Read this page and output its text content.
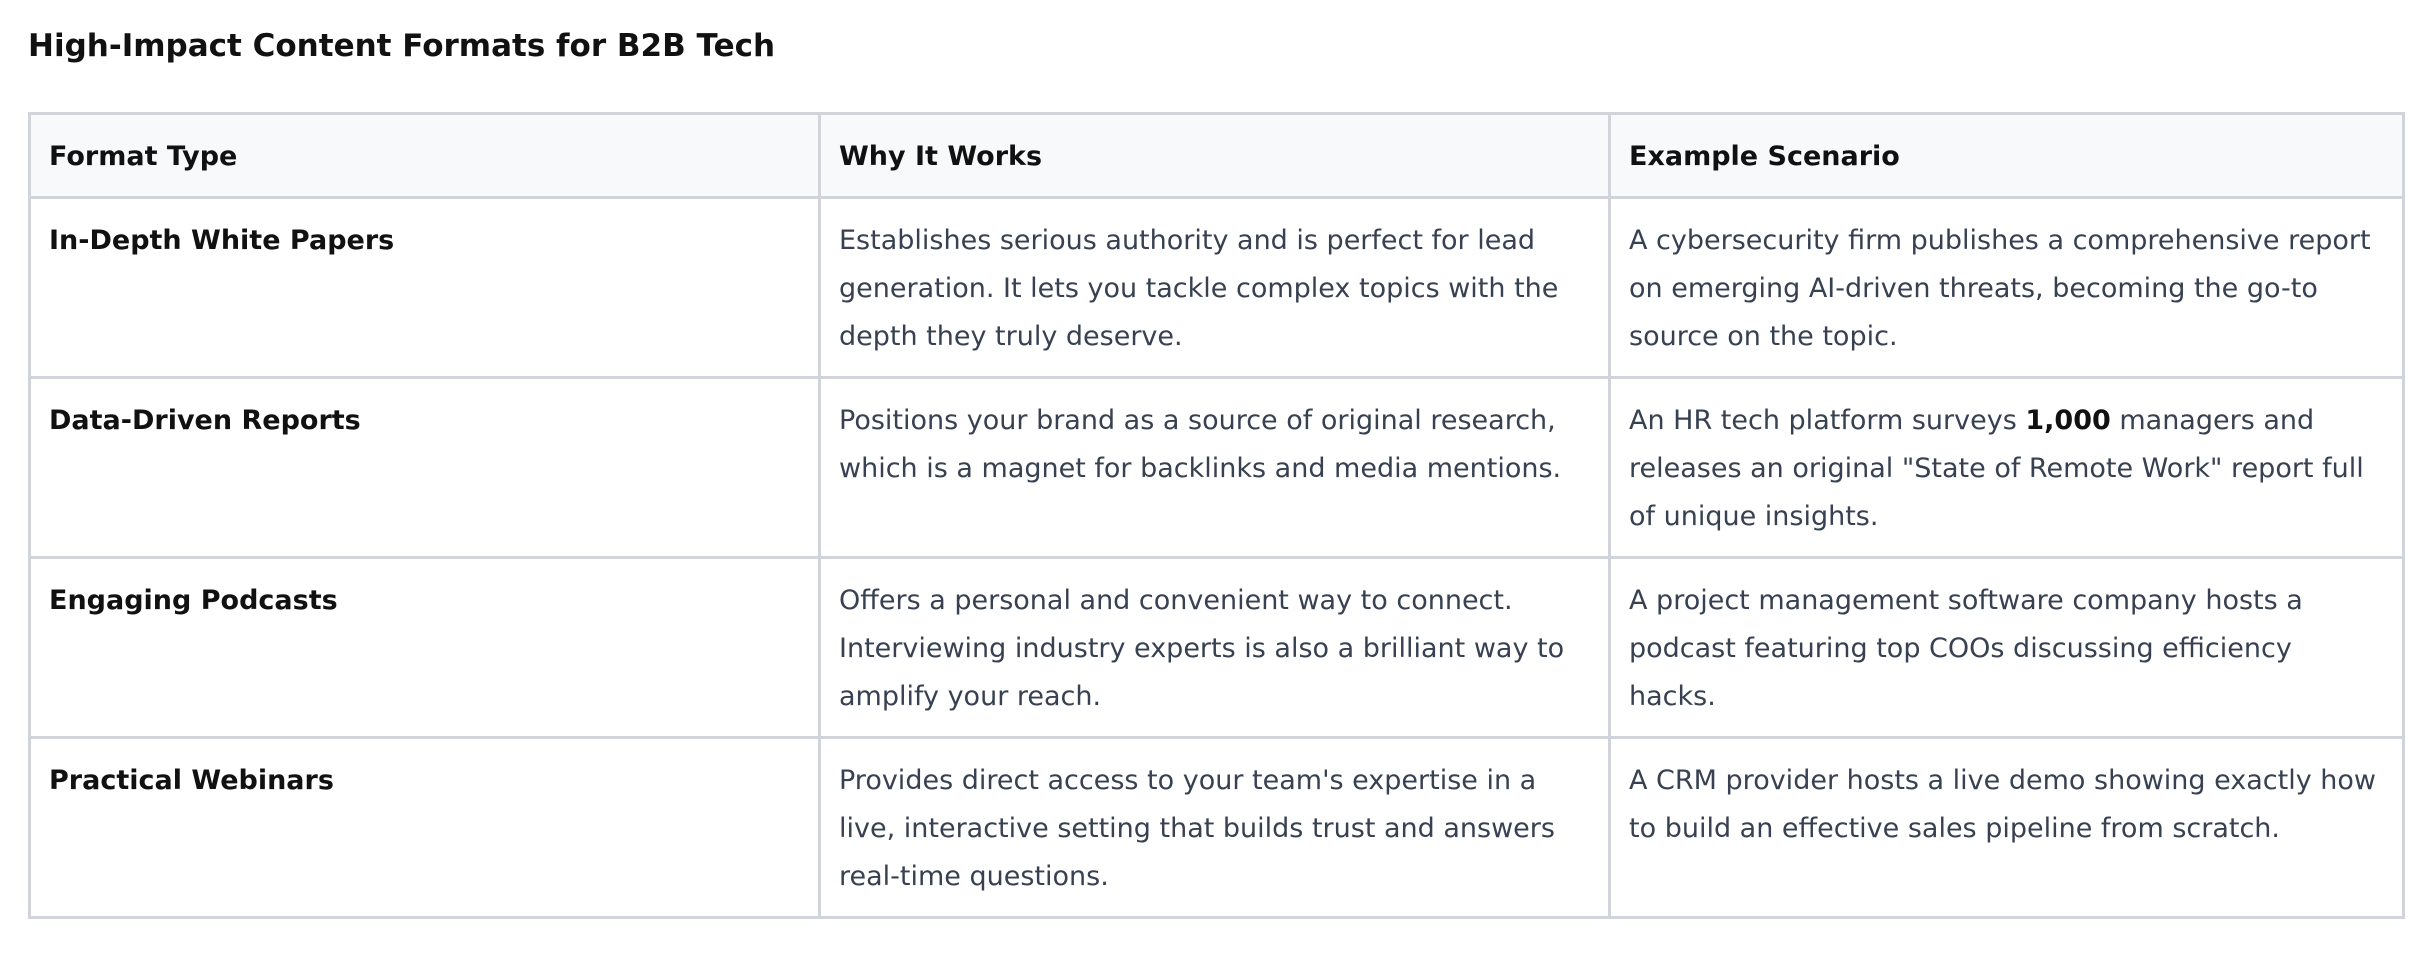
High-Impact Content Formats for B2B Tech
Format Type	Why It Works	Example Scenario
In-Depth White Papers	Establishes serious authority and is perfect for lead generation. It lets you tackle complex topics with the depth they truly deserve.	A cybersecurity firm publishes a comprehensive report on emerging AI-driven threats, becoming the go-to source on the topic.
Data-Driven Reports	Positions your brand as a source of original research, which is a magnet for backlinks and media mentions.	An HR tech platform surveys 1,000 managers and releases an original "State of Remote Work" report full of unique insights.
Engaging Podcasts	Offers a personal and convenient way to connect. Interviewing industry experts is also a brilliant way to amplify your reach.	A project management software company hosts a podcast featuring top COOs discussing efficiency hacks.
Practical Webinars	Provides direct access to your team's expertise in a live, interactive setting that builds trust and answers real-time questions.	A CRM provider hosts a live demo showing exactly how to build an effective sales pipeline from scratch.
